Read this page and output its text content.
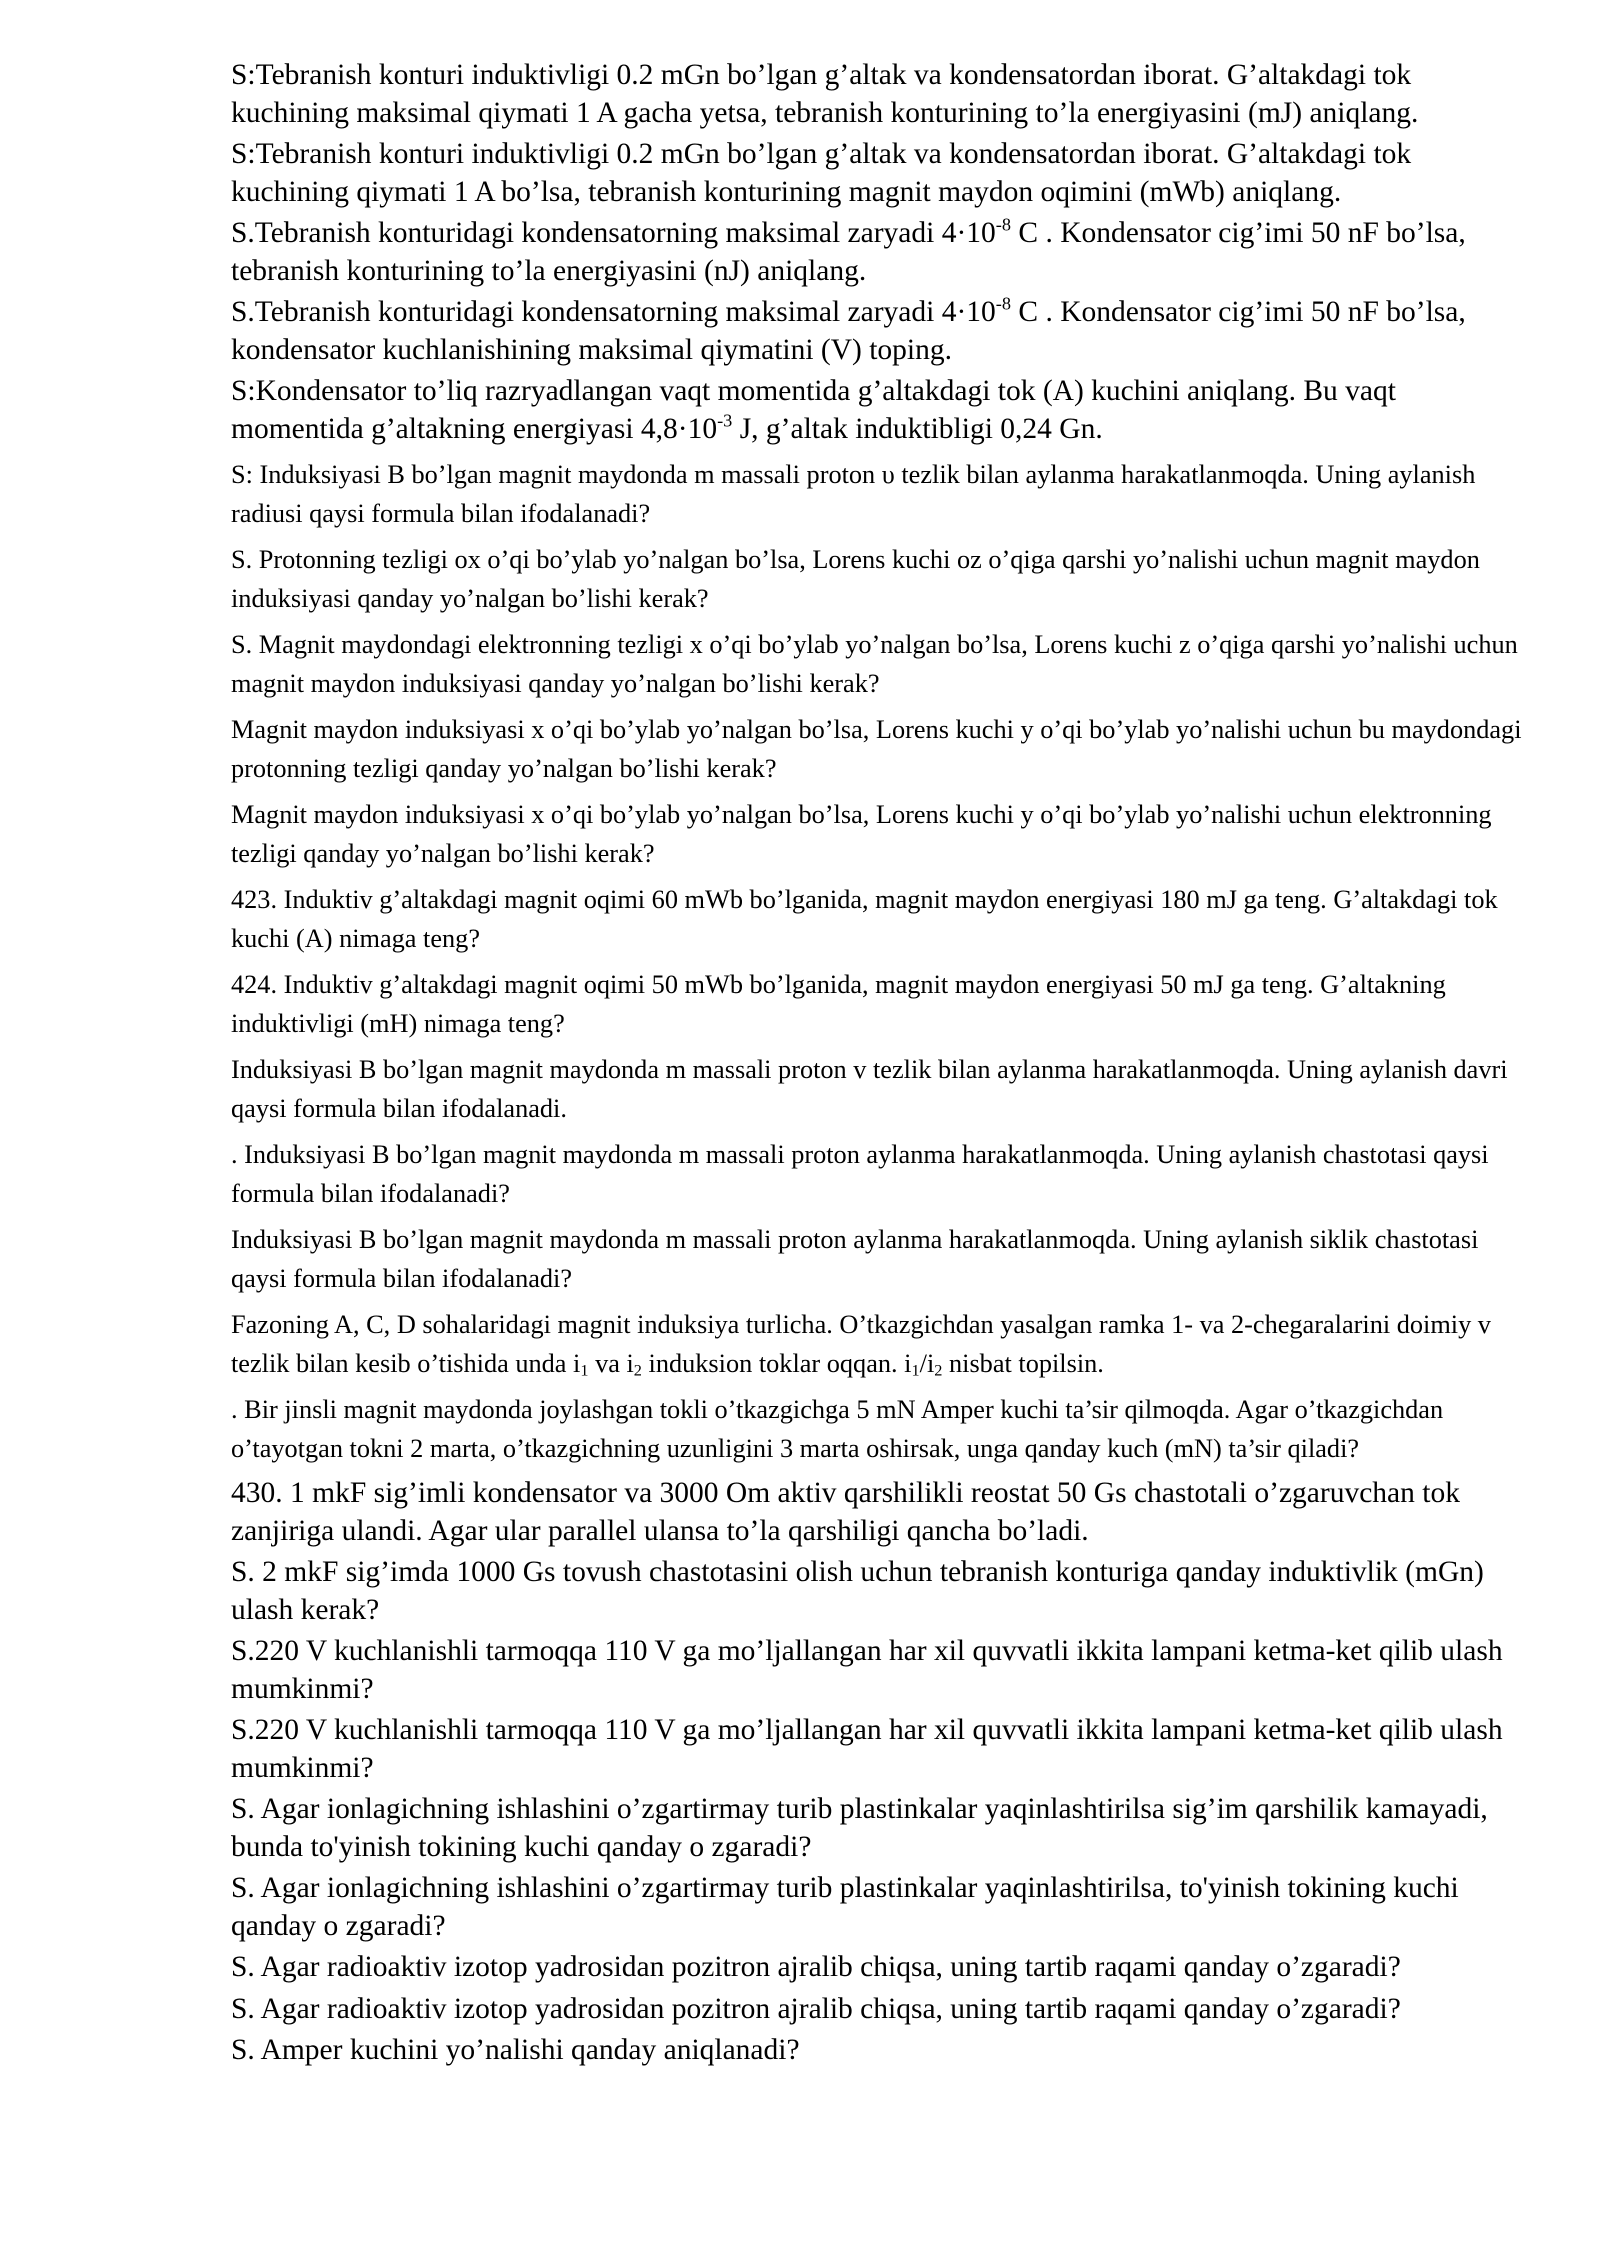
S:Tebranish konturi induktivligi 0.2 mGn bo’lgan g’altak va kondensatordan iborat. G’altakdagi tok kuchining maksimal qiymati 1 A gacha yetsa, tebranish konturining to’la energiyasini (mJ) aniqlang.

S:Tebranish konturi induktivligi 0.2 mGn bo’lgan g’altak va kondensatordan iborat. G’altakdagi tok kuchining qiymati 1 A bo’lsa, tebranish konturining magnit maydon oqimini (mWb) aniqlang.

S.Tebranish konturidagi kondensatorning maksimal zaryadi $4\cdot 10^{-8}$ C . Kondensator cig’imi 50 nF bo’lsa, tebranish konturining to’la energiyasini (nJ) aniqlang.

S.Tebranish konturidagi kondensatorning maksimal zaryadi $4\cdot 10^{-8}$ C . Kondensator cig’imi 50 nF bo’lsa, kondensator kuchlanishining maksimal qiymatini (V) toping.

S:Kondensator to’liq razryadlangan vaqt momentida g’altakdagi tok (A) kuchini aniqlang. Bu vaqt momentida g’altakning energiyasi $4,8\cdot 10^{-3}$ J, g’altak induktibligi 0,24 Gn.

S: Induksiyasi B bo’lgan magnit maydonda m massali proton υ tezlik bilan aylanma harakatlanmoqda. Uning aylanish radiusi qaysi formula bilan ifodalanadi?

S. Protonning tezligi ox o’qi bo’ylab yo’nalgan bo’lsa, Lorens kuchi oz o’qiga qarshi yo’nalishi uchun magnit maydon induksiyasi qanday yo’nalgan bo’lishi kerak?

S. Magnit maydondagi elektronning tezligi x o’qi bo’ylab yo’nalgan bo’lsa, Lorens kuchi z o’qiga qarshi yo’nalishi uchun magnit maydon induksiyasi qanday yo’nalgan bo’lishi kerak?

Magnit maydon induksiyasi x o’qi bo’ylab yo’nalgan bo’lsa, Lorens kuchi y o’qi bo’ylab yo’nalishi uchun bu maydondagi protonning tezligi qanday yo’nalgan bo’lishi kerak?

Magnit maydon induksiyasi x o’qi bo’ylab yo’nalgan bo’lsa, Lorens kuchi y o’qi bo’ylab yo’nalishi uchun elektronning tezligi qanday yo’nalgan bo’lishi kerak?

423. Induktiv g’altakdagi magnit oqimi 60 mWb bo’lganida, magnit maydon energiyasi 180 mJ ga teng. G’altakdagi tok kuchi (A) nimaga teng?

424. Induktiv g’altakdagi magnit oqimi 50 mWb bo’lganida, magnit maydon energiyasi 50 mJ ga teng. G’altakning induktivligi (mH) nimaga teng?

Induksiyasi B bo’lgan magnit maydonda m massali proton v tezlik bilan aylanma harakatlanmoqda. Uning aylanish davri qaysi formula bilan ifodalanadi.

. Induksiyasi B bo’lgan magnit maydonda m massali proton aylanma harakatlanmoqda. Uning aylanish chastotasi qaysi formula bilan ifodalanadi?

Induksiyasi B bo’lgan magnit maydonda m massali proton aylanma harakatlanmoqda. Uning aylanish siklik chastotasi qaysi formula bilan ifodalanadi?

Fazoning A, C, D sohalaridagi magnit induksiya turlicha. O’tkazgichdan yasalgan ramka 1- va 2-chegaralarini doimiy v tezlik bilan kesib o’tishida unda $i_1$ va $i_2$ induksion toklar oqqan. $i_1/i_2$ nisbat topilsin.

. Bir jinsli magnit maydonda joylashgan tokli o’tkazgichga 5 mN Amper kuchi ta’sir qilmoqda. Agar o’tkazgichdan o’tayotgan tokni 2 marta, o’tkazgichning uzunligini 3 marta oshirsak, unga qanday kuch (mN) ta’sir qiladi?

430. 1 mkF sig’imli kondensator va 3000 Om aktiv qarshilikli reostat 50 Gs chastotali o’zgaruvchan tok zanjiriga ulandi. Agar ular parallel ulansa to’la qarshiligi qancha bo’ladi.

S. 2 mkF sig’imda 1000 Gs tovush chastotasini olish uchun tebranish konturiga qanday induktivlik (mGn) ulash kerak?

S.220 V kuchlanishli tarmoqqa 110 V ga mo’ljallangan har xil quvvatli ikkita lampani ketma-ket qilib ulash mumkinmi?

S.220 V kuchlanishli tarmoqqa 110 V ga mo’ljallangan har xil quvvatli ikkita lampani ketma-ket qilib ulash mumkinmi?

S. Agar ionlagichning ishlashini o’zgartirmay turib plastinkalar yaqinlashtirilsa sig’im qarshilik kamayadi, bunda to'yinish tokining kuchi qanday o zgaradi?

S. Agar ionlagichning ishlashini o’zgartirmay turib plastinkalar yaqinlashtirilsa, to'yinish tokining kuchi qanday o zgaradi?

S. Agar radioaktiv izotop yadrosidan pozitron ajralib chiqsa, uning tartib raqami qanday o’zgaradi?

S. Agar radioaktiv izotop yadrosidan pozitron ajralib chiqsa, uning tartib raqami qanday o’zgaradi?

S. Amper kuchini yo’nalishi qanday aniqlanadi?
